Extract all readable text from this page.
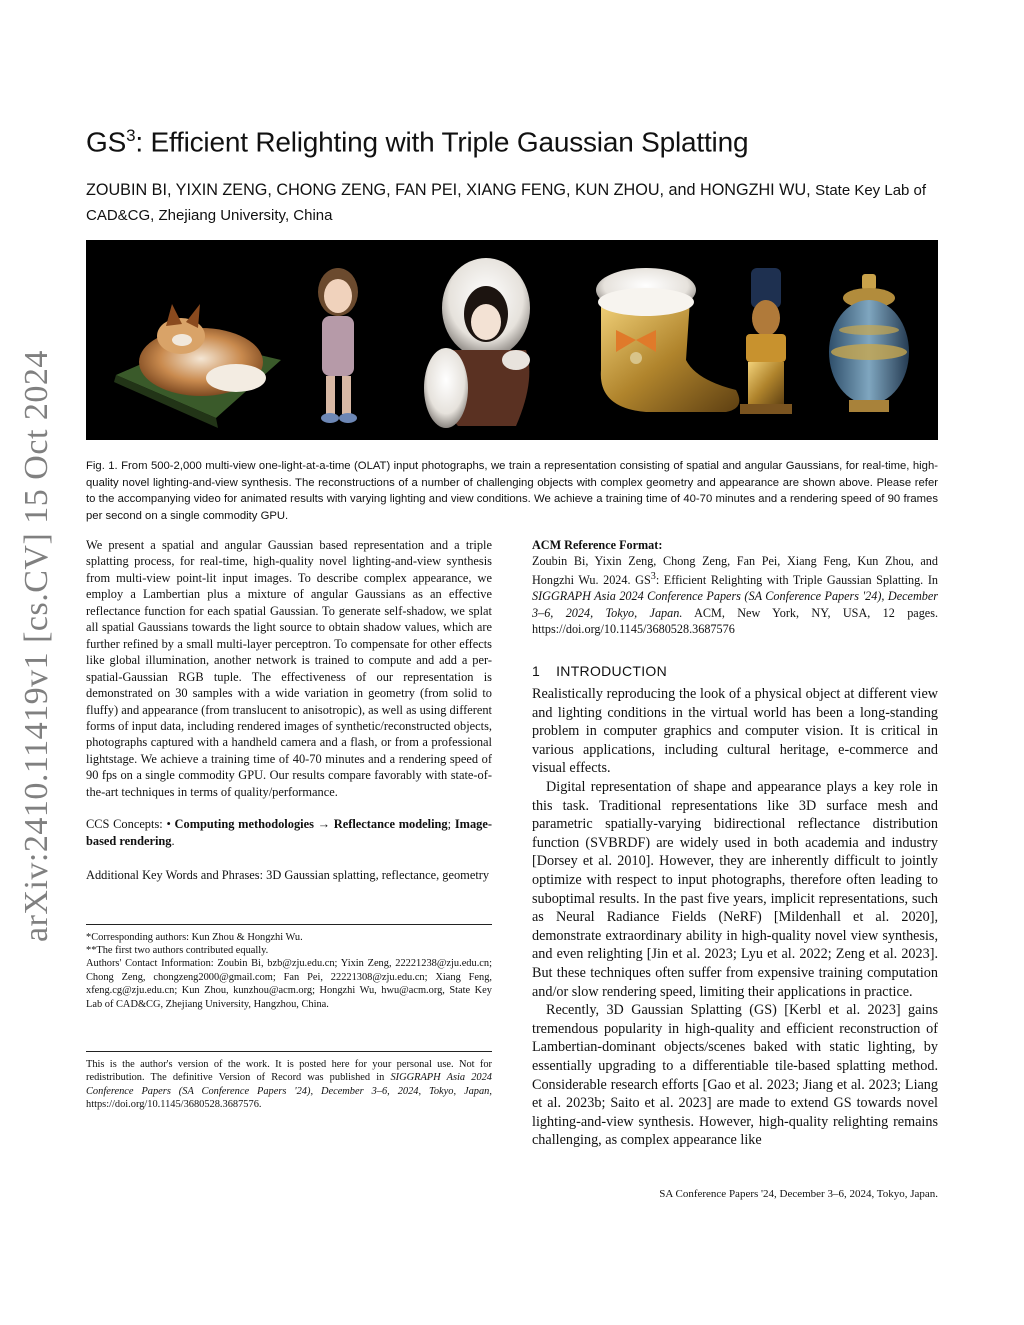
arXiv:2410.11419v1 [cs.CV] 15 Oct 2024
$GS^3$: Efficient Relighting with Triple Gaussian Splatting
ZOUBIN BI, YIXIN ZENG, CHONG ZENG, FAN PEI, XIANG FENG, KUN ZHOU, and HONGZHI WU, State Key Lab of CAD&CG, Zhejiang University, China
Fig. 1. From 500-2,000 multi-view one-light-at-a-time (OLAT) input photographs, we train a representation consisting of spatial and angular Gaussians, for real-time, high-quality novel lighting-and-view synthesis. The reconstructions of a number of challenging objects with complex geometry and appearance are shown above. Please refer to the accompanying video for animated results with varying lighting and view conditions. We achieve a training time of 40-70 minutes and a rendering speed of 90 frames per second on a single commodity GPU.

We present a spatial and angular Gaussian based representation and a triple splatting process, for real-time, high-quality novel lighting-and-view synthesis from multi-view point-lit input images. To describe complex appearance, we employ a Lambertian plus a mixture of angular Gaussians as an effective reflectance function for each spatial Gaussian. To generate self-shadow, we splat all spatial Gaussians towards the light source to obtain shadow values, which are further refined by a small multi-layer perceptron. To compensate for other effects like global illumination, another network is trained to compute and add a per-spatial-Gaussian RGB tuple. The effectiveness of our representation is demonstrated on 30 samples with a wide variation in geometry (from solid to fluffy) and appearance (from translucent to anisotropic), as well as using different forms of input data, including rendered images of synthetic/reconstructed objects, photographs captured with a handheld camera and a flash, or from a professional lightstage. We achieve a training time of 40-70 minutes and a rendering speed of 90 fps on a single commodity GPU. Our results compare favorably with state-of-the-art techniques in terms of quality/performance.

CCS Concepts: • Computing methodologies → Reflectance modeling; Image-based rendering.

Additional Key Words and Phrases: 3D Gaussian splatting, reflectance, geometry

*Corresponding authors: Kun Zhou & Hongzhi Wu.

**The first two authors contributed equally.

Authors' Contact Information: Zoubin Bi, bzb@zju.edu.cn; Yixin Zeng, 22221238@zju.edu.cn; Chong Zeng, chongzeng2000@gmail.com; Fan Pei, 22221308@zju.edu.cn; Xiang Feng, xfeng.cg@zju.edu.cn; Kun Zhou, kunzhou@acm.org; Hongzhi Wu, hwu@acm.org, State Key Lab of CAD&CG, Zhejiang University, Hangzhou, China.

This is the author's version of the work. It is posted here for your personal use. Not for redistribution. The definitive Version of Record was published in SIGGRAPH Asia 2024 Conference Papers (SA Conference Papers '24), December 3–6, 2024, Tokyo, Japan, https://doi.org/10.1145/3680528.3687576.

ACM Reference Format:

Zoubin Bi, Yixin Zeng, Chong Zeng, Fan Pei, Xiang Feng, Kun Zhou, and Hongzhi Wu. 2024. $GS^3$: Efficient Relighting with Triple Gaussian Splatting. In SIGGRAPH Asia 2024 Conference Papers (SA Conference Papers '24), December 3–6, 2024, Tokyo, Japan. ACM, New York, NY, USA, 12 pages. https://doi.org/10.1145/3680528.3687576

1 INTRODUCTION

Realistically reproducing the look of a physical object at different view and lighting conditions in the virtual world has been a long-standing problem in computer graphics and computer vision. It is critical in various applications, including cultural heritage, e-commerce and visual effects.

Digital representation of shape and appearance plays a key role in this task. Traditional representations like 3D surface mesh and parametric spatially-varying bidirectional reflectance distribution function (SVBRDF) are widely used in both academia and industry [Dorsey et al. 2010]. However, they are inherently difficult to jointly optimize with respect to input photographs, therefore often leading to suboptimal results. In the past five years, implicit representations, such as Neural Radiance Fields (NeRF) [Mildenhall et al. 2020], demonstrate extraordinary ability in high-quality novel view synthesis, and even relighting [Jin et al. 2023; Lyu et al. 2022; Zeng et al. 2023]. But these techniques often suffer from expensive training computation and/or slow rendering speed, limiting their applications in practice.

Recently, 3D Gaussian Splatting (GS) [Kerbl et al. 2023] gains tremendous popularity in high-quality and efficient reconstruction of Lambertian-dominant objects/scenes baked with static lighting, by essentially upgrading to a differentiable tile-based splatting method. Considerable research efforts [Gao et al. 2023; Jiang et al. 2023; Liang et al. 2023b; Saito et al. 2023] are made to extend GS towards novel lighting-and-view synthesis. However, high-quality relighting remains challenging, as complex appearance like

SA Conference Papers '24, December 3–6, 2024, Tokyo, Japan.
